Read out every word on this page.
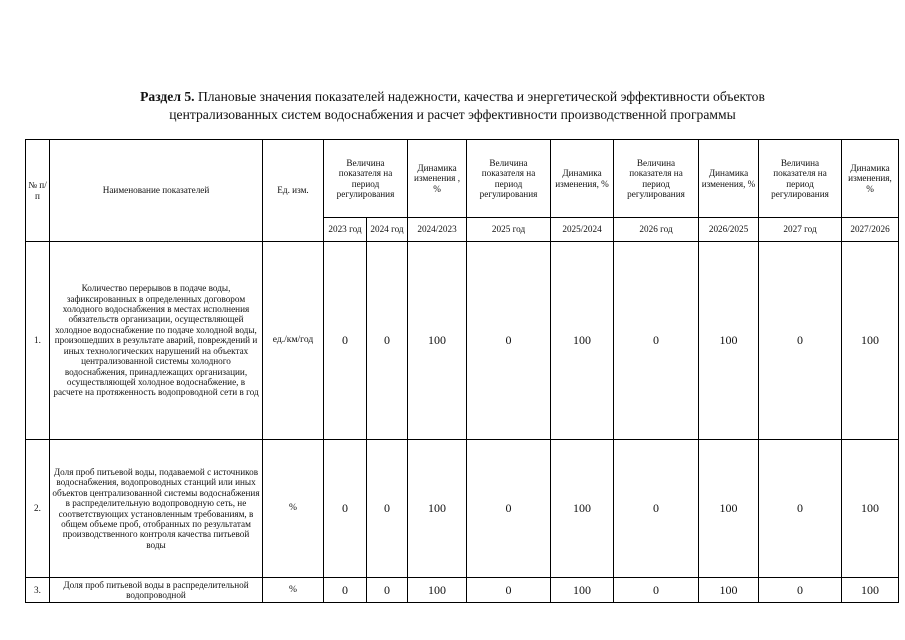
Раздел 5. Плановые значения показателей надежности, качества и энергетической эффективности объектов
централизованных систем водоснабжения и расчет эффективности производственной программы
№ п/п	Наименование показателей	Ед. изм.	Величина показателя на период регулирования		Динамика изменения , %	Величина показателя на период регулирования	Динамика изменения, %	Величина показателя на период регулирования	Динамика изменения, %	Величина показателя на период регулирования	Динамика изменения, %
			2023 год	2024 год	2024/2023	2025 год	2025/2024	2026 год	2026/2025	2027 год	2027/2026
1.	Количество перерывов в подаче воды, зафиксированных в определенных договором холодного водоснабжения в местах исполнения обязательств организации, осуществляющей холодное водоснабжение по подаче холодной воды, произошедших в результате аварий, повреждений и иных технологических нарушений на объектах централизованной системы холодного водоснабжения, принадлежащих организации, осуществляющей холодное водоснабжение, в расчете на протяженность водопроводной сети в год	ед./км/год	0	0	100	0	100	0	100	0	100
2.	Доля проб питьевой воды, подаваемой с источников водоснабжения, водопроводных станций или иных объектов централизованной системы водоснабжения в распределительную водопроводную сеть, не соответствующих установленным требованиям, в общем объеме проб, отобранных по результатам производственного контроля качества питьевой воды	%	0	0	100	0	100	0	100	0	100
3.	Доля проб питьевой воды в распределительной водопроводной	%	0	0	100	0	100	0	100	0	100
